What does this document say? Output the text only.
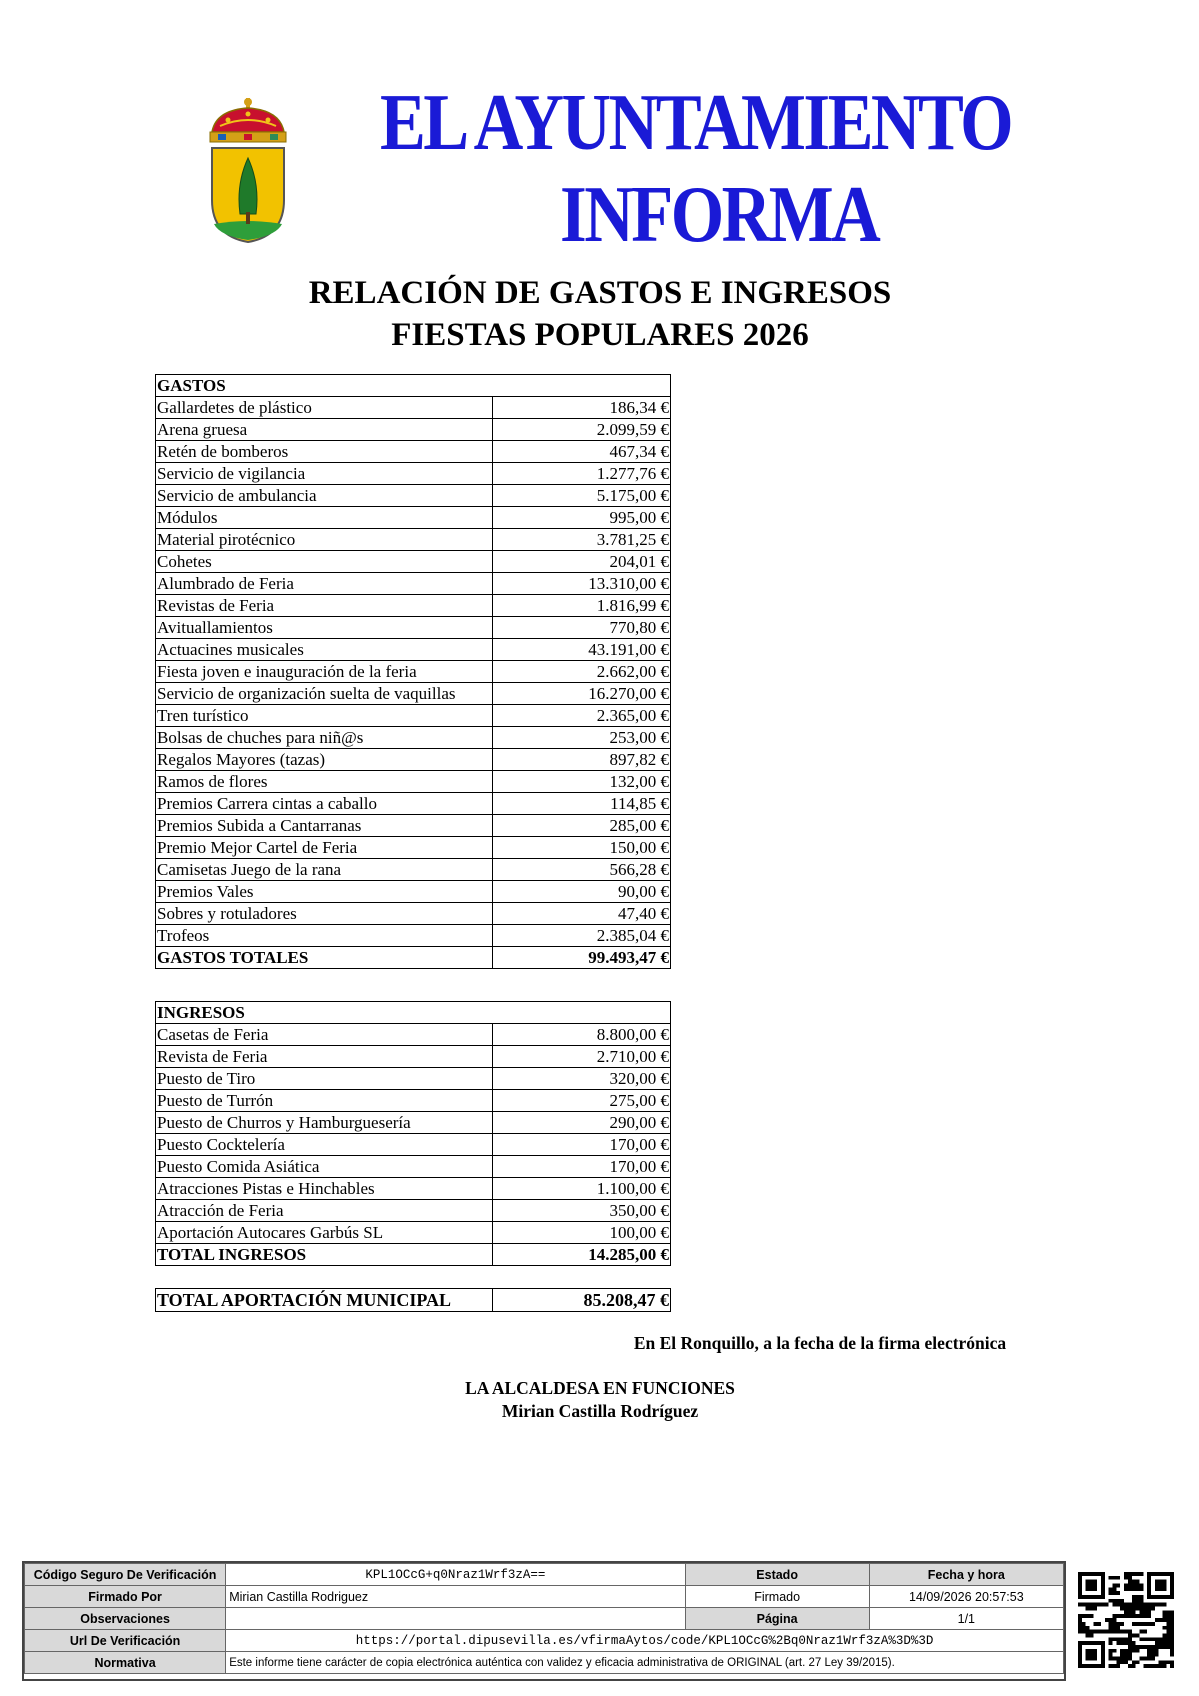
EL AYUNTAMIENTO
INFORMA
RELACIÓN DE GASTOS E INGRESOS
FIESTAS POPULARES 2026
GASTOS	
Gallardetes de plástico	186,34 €
Arena gruesa	2.099,59 €
Retén de bomberos	467,34 €
Servicio de vigilancia	1.277,76 €
Servicio de ambulancia	5.175,00 €
Módulos	995,00 €
Material pirotécnico	3.781,25 €
Cohetes	204,01 €
Alumbrado de Feria	13.310,00 €
Revistas de Feria	1.816,99 €
Avituallamientos	770,80 €
Actuacines musicales	43.191,00 €
Fiesta joven e inauguración de la feria	2.662,00 €
Servicio de organización suelta de vaquillas	16.270,00 €
Tren turístico	2.365,00 €
Bolsas de chuches para niñ@s	253,00 €
Regalos Mayores (tazas)	897,82 €
Ramos de flores	132,00 €
Premios Carrera cintas a caballo	114,85 €
Premios Subida a Cantarranas	285,00 €
Premio Mejor Cartel de Feria	150,00 €
Camisetas Juego de la rana	566,28 €
Premios Vales	90,00 €
Sobres y rotuladores	47,40 €
Trofeos	2.385,04 €
GASTOS TOTALES	99.493,47 €
INGRESOS	
Casetas de Feria	8.800,00 €
Revista de Feria	2.710,00 €
Puesto de Tiro	320,00 €
Puesto de Turrón	275,00 €
Puesto de Churros y Hamburguesería	290,00 €
Puesto Cocktelería	170,00 €
Puesto Comida Asiática	170,00 €
Atracciones Pistas e Hinchables	1.100,00 €
Atracción de Feria	350,00 €
Aportación Autocares Garbús SL	100,00 €
TOTAL INGRESOS	14.285,00 €
TOTAL APORTACIÓN MUNICIPAL	85.208,47 €
En El Ronquillo, a la fecha de la firma electrónica
LA ALCALDESA EN FUNCIONES
Mirian Castilla Rodríguez
Código Seguro De Verificación	KPL1OCcG+q0Nraz1Wrf3zA==	Estado	Fecha y hora
Firmado Por	Mirian Castilla Rodriguez	Firmado	14/09/2026 20:57:53
Observaciones		Página	1/1
Url De Verificación	https://portal.dipusevilla.es/vfirmaAytos/code/KPL1OCcG%2Bq0Nraz1Wrf3zA%3D%3D		
Normativa	Este informe tiene carácter de copia electrónica auténtica con validez y eficacia administrativa de ORIGINAL (art. 27 Ley 39/2015).		
